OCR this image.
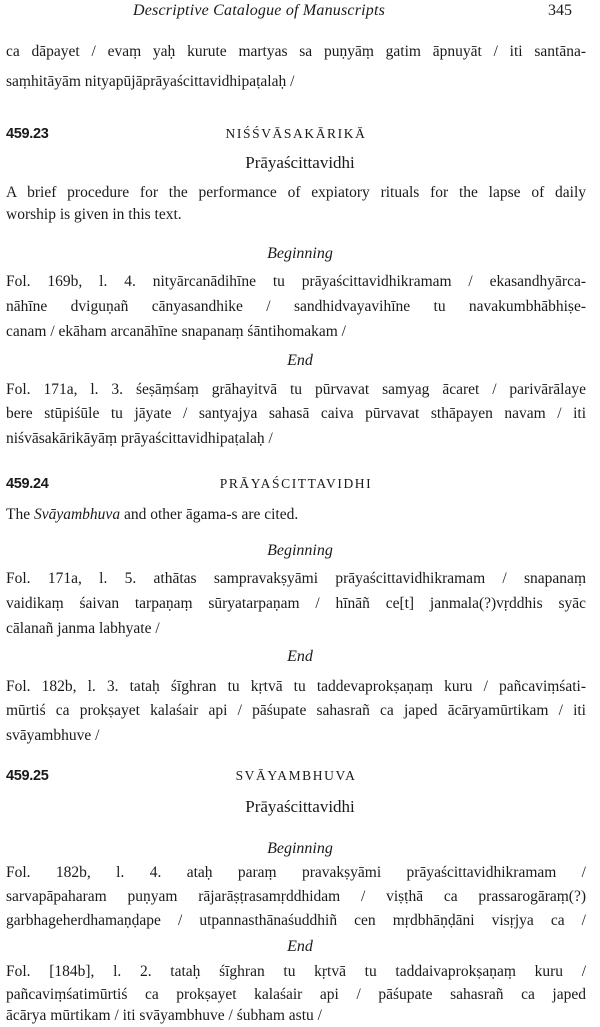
Descriptive Catalogue of Manuscripts	345
ca dāpayet / evaṃ yaḥ kurute martyas sa puṇyāṃ gatim āpnuyāt / iti santāna-
saṃhitāyām nityapūjāprāyaścittavidhipaṭalaḥ /
459.23	NIŚŚVĀSAKĀRIKĀ
Prāyaścittavidhi
A brief procedure for the performance of expiatory rituals for the lapse of daily
worship is given in this text.
Beginning
Fol. 169b, l. 4. nityārcanādihīne tu prāyaścittavidhikramam / ekasandhyārca-
nāhīne dviguṇañ cānyasandhike / sandhidvayavihīne tu navakumbhābhiṣe-
canam / ekāham arcanāhīne snapanaṃ śāntihomakam /
End
Fol. 171a, l. 3. śeṣāṃśaṃ grāhayitvā tu pūrvavat samyag ācaret / parivārālaye
bere stūpiśūle tu jāyate / santyajya sahasā caiva pūrvavat sthāpayen navam / iti
niśvāsakārikāyāṃ prāyaścittavidhipaṭalaḥ /
459.24	PRĀYAŚCITTAVIDHI
The Svāyambhuva and other āgama-s are cited.
Beginning
Fol. 171a, l. 5. athātas sampravakṣyāmi prāyaścittavidhikramam / snapanaṃ
vaidikaṃ śaivan tarpaṇaṃ sūryatarpaṇam / hīnāñ ce[t] janmala(?)vṛddhis syāc
cālanañ janma labhyate /
End
Fol. 182b, l. 3. tataḥ śīghran tu kṛtvā tu taddevaprokṣaṇaṃ kuru / pañcaviṃśati-
mūrtiś ca prokṣayet kalaśair api / pāśupate sahasrañ ca japed ācāryamūrtikam / iti
svāyambhuve /
459.25	SVĀYAMBHUVA
Prāyaścittavidhi
Beginning
Fol. 182b, l. 4. ataḥ paraṃ pravakṣyāmi prāyaścittavidhikramam /
sarvapāpaharam puṇyam rājarāṣṭrasamṛddhidam / viṣṭhā ca prassarogāraṃ(?)
garbhageherdhamaṇḍape / utpannasthānaśuddhiñ cen mṛdbhāṇḍāni visṛjya ca /
End
Fol. [184b], l. 2. tataḥ śīghran tu kṛtvā tu taddaivaprokṣaṇaṃ kuru /
pañcaviṃśatimūrtiś ca prokṣayet kalaśair api / pāśupate sahasrañ ca japed
ācārya mūrtikam / iti svāyambhuve / śubham astu /
